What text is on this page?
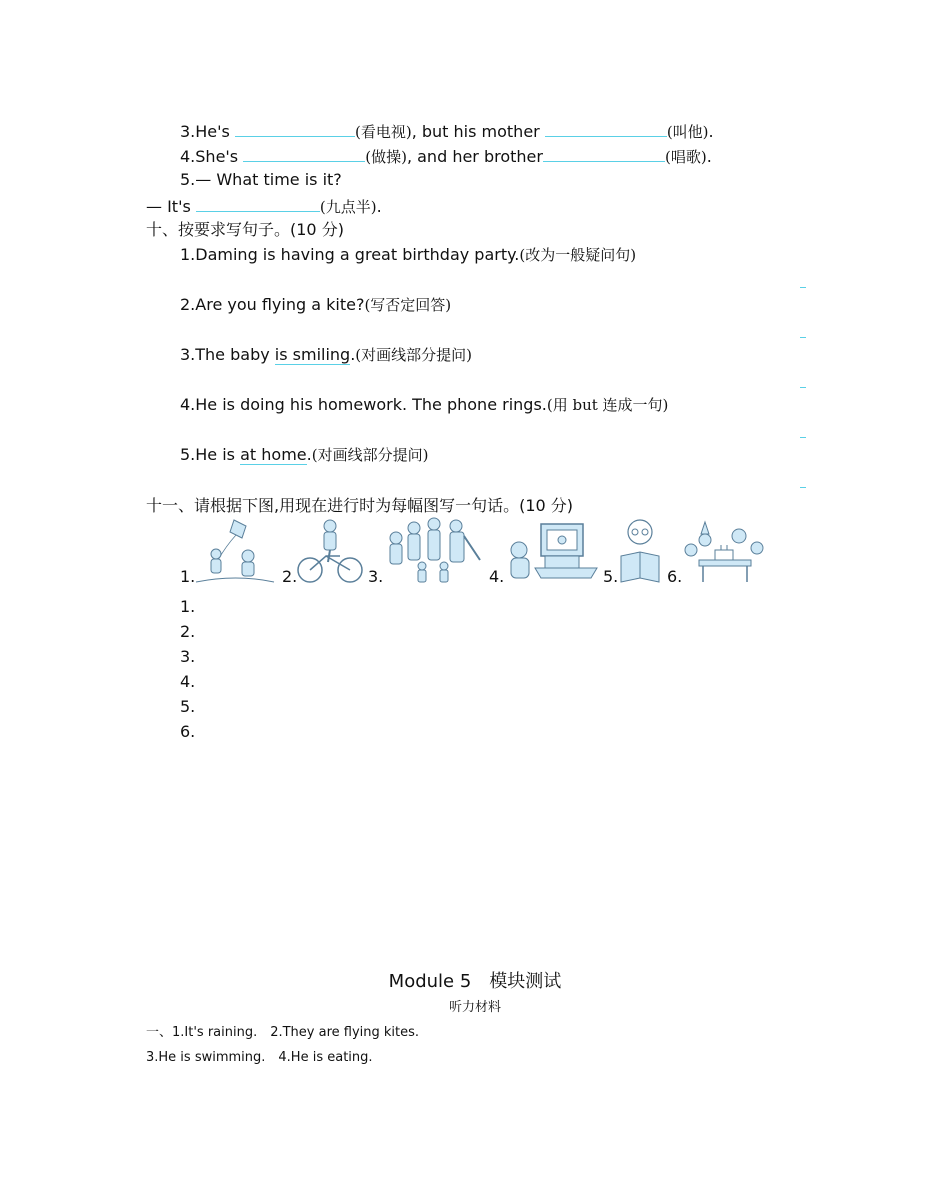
3.He's	(看电视), but his mother	(叫他).
4.She's	(做操), and her brother	(唱歌).
5.— What time is it?
— It's	(九点半).
十、按要求写句子。(10 分)
1.Daming is having a great birthday party.(改为一般疑问句)
2.Are you flying a kite?(写否定回答)
3.The baby is smiling.(对画线部分提问)
4.He is doing his homework. The phone rings.(用 but 连成一句)
5.He is at home.(对画线部分提问)
十一、请根据下图,用现在进行时为每幅图写一句话。(10 分)
1.	2.	3.	4.	5.	6.
1.
2.
3.
4.
5.
6.
Module 5　模块测试
听力材料
一、1.It's raining.　2.They are flying kites.
3.He is swimming.　4.He is eating.
